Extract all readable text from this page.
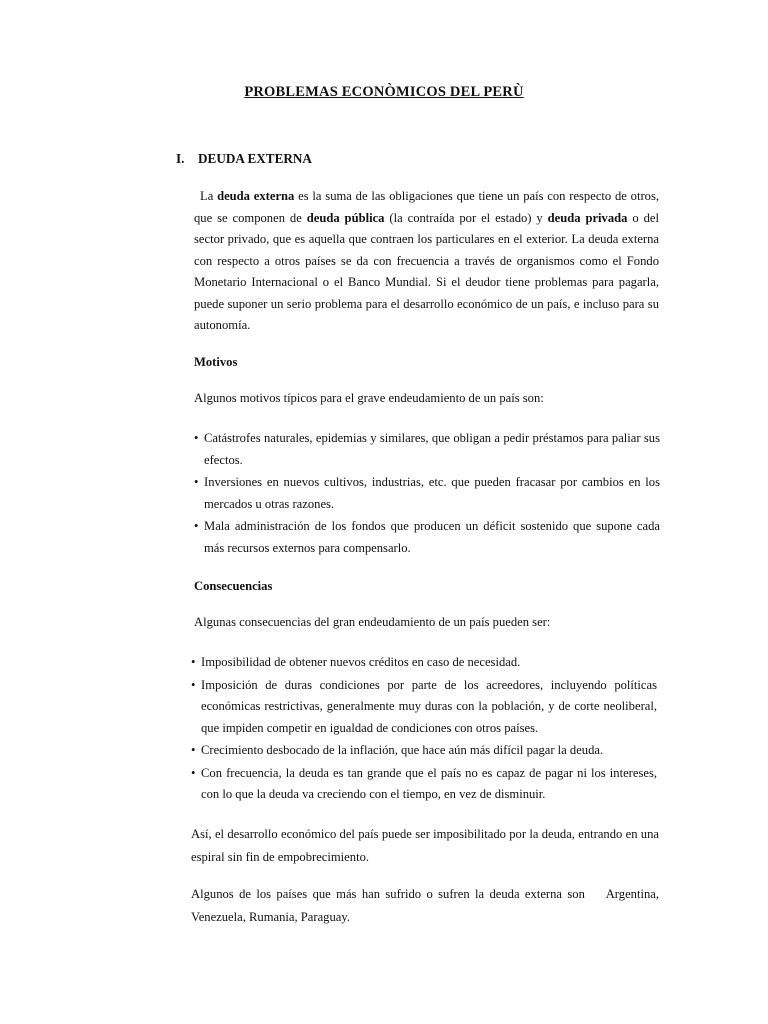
PROBLEMAS ECONÒMICOS DEL PERÙ
I. DEUDA EXTERNA
La deuda externa es la suma de las obligaciones que tiene un país con respecto de otros, que se componen de deuda pública (la contraída por el estado) y deuda privada o del sector privado, que es aquella que contraen los particulares en el exterior. La deuda externa con respecto a otros países se da con frecuencia a través de organismos como el Fondo Monetario Internacional o el Banco Mundial. Si el deudor tiene problemas para pagarla, puede suponer un serio problema para el desarrollo económico de un país, e incluso para su autonomía.
Motivos
Algunos motivos típicos para el grave endeudamiento de un país son:
• Catástrofes naturales, epidemias y similares, que obligan a pedir préstamos para paliar sus efectos.
• Inversiones en nuevos cultivos, industrias, etc. que pueden fracasar por cambios en los mercados u otras razones.
• Mala administración de los fondos que producen un déficit sostenido que supone cada más recursos externos para compensarlo.
Consecuencias
Algunas consecuencias del gran endeudamiento de un país pueden ser:
• Imposibilidad de obtener nuevos créditos en caso de necesidad.
• Imposición de duras condiciones por parte de los acreedores, incluyendo políticas económicas restrictivas, generalmente muy duras con la población, y de corte neoliberal, que impiden competir en igualdad de condiciones con otros países.
• Crecimiento desbocado de la inflación, que hace aún más difícil pagar la deuda.
• Con frecuencia, la deuda es tan grande que el país no es capaz de pagar ni los intereses, con lo que la deuda va creciendo con el tiempo, en vez de disminuir.
Así, el desarrollo económico del país puede ser imposibilitado por la deuda, entrando en una espiral sin fin de empobrecimiento.
Algunos de los países que más han sufrido o sufren la deuda externa son    Argentina, Venezuela, Rumania, Paraguay.
